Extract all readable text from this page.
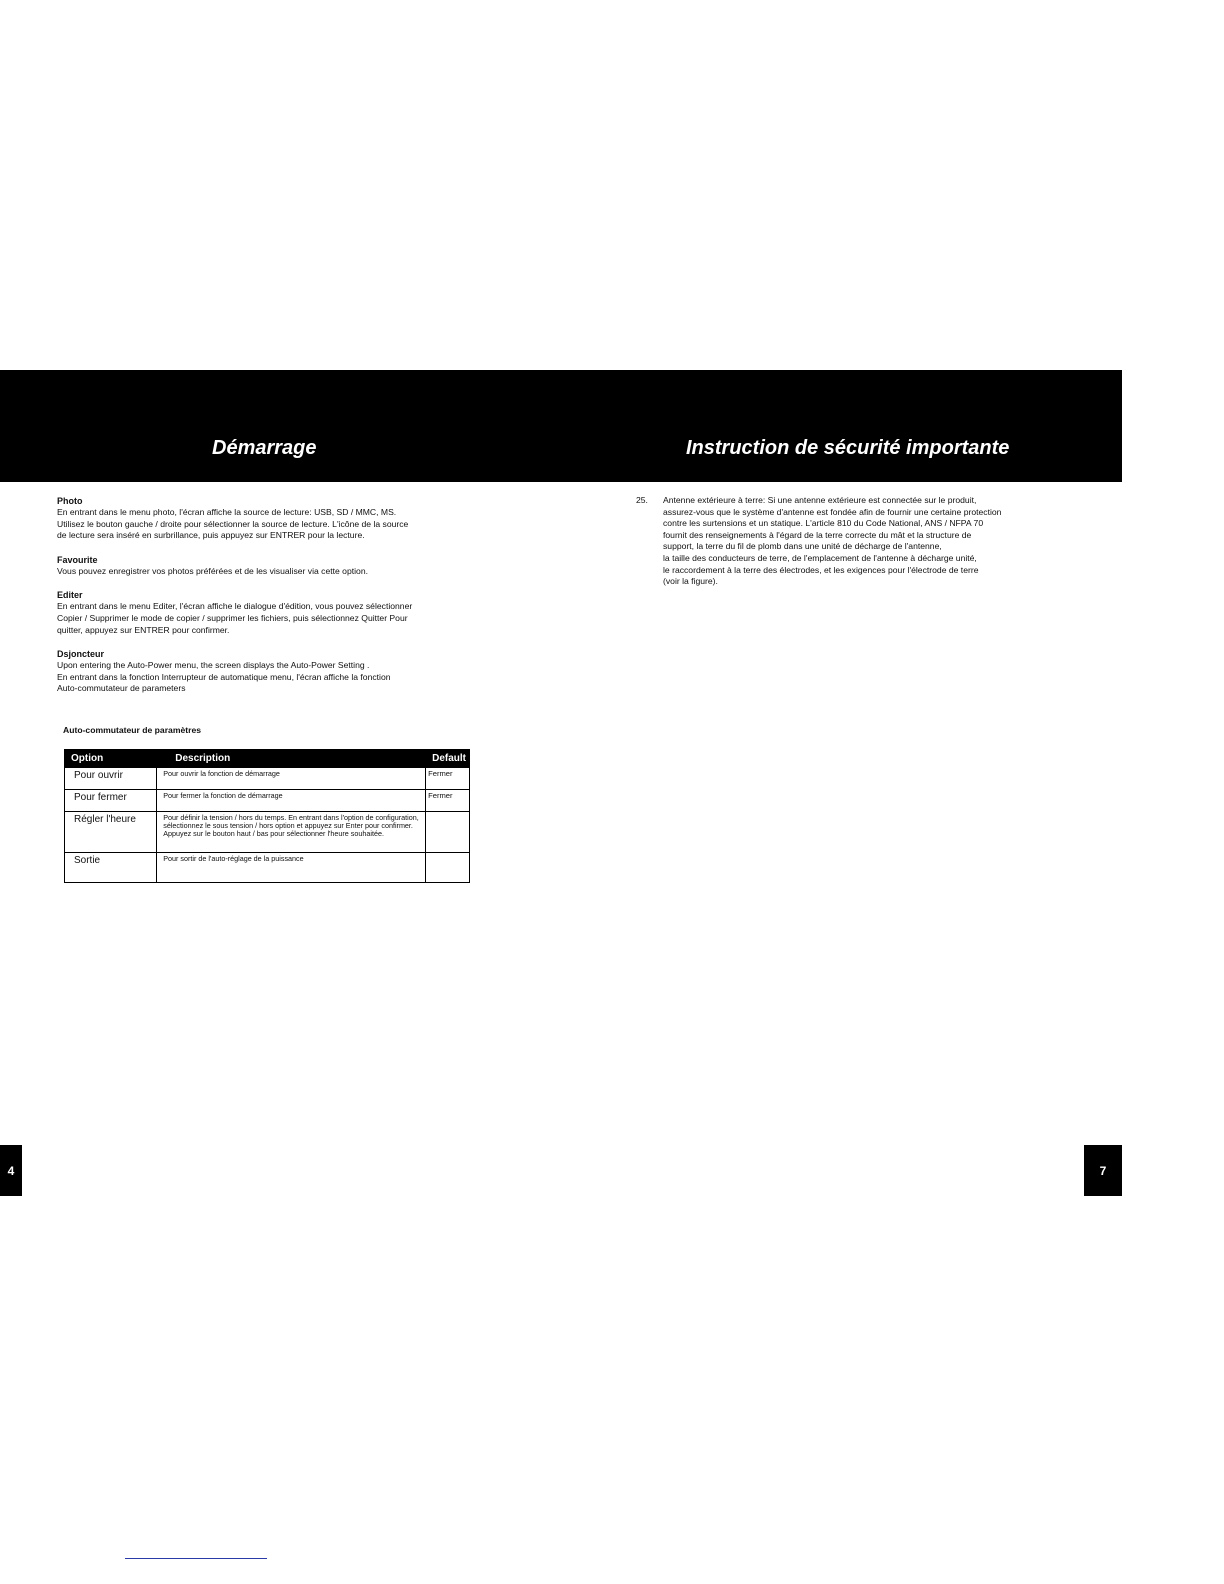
Démarrage	Instruction de sécurité importante
Photo

En entrant dans le menu photo, l'écran affiche la source de lecture: USB, SD / MMC, MS.

Utilisez le bouton gauche / droite pour sélectionner la source de lecture. L'icône de la source

de lecture sera inséré en surbrillance, puis appuyez sur ENTRER pour la lecture.

Favourite

Vous pouvez enregistrer vos photos préférées et de les visualiser via cette option.

Editer

En entrant dans le menu Editer, l'écran affiche le dialogue d'édition, vous pouvez sélectionner

Copier / Supprimer le mode de copier / supprimer les fichiers, puis sélectionnez Quitter Pour

quitter, appuyez sur ENTRER pour confirmer.

Dsjoncteur

Upon entering the Auto-Power menu, the screen displays the Auto-Power Setting .

En entrant dans la fonction Interrupteur de automatique menu, l'écran affiche la fonction

Auto-commutateur de parameters

Auto-commutateur de paramètres
Option	Description	Default
Pour ouvrir	Pour ouvrir la fonction de démarrage	Fermer
Pour fermer	Pour fermer la fonction de démarrage	Fermer
Régler l'heure	Pour définir la tension / hors du temps. En entrant dans l'option de configuration, sélectionnez le sous tension / hors option et appuyez sur Enter pour confirmer. Appuyez sur le bouton haut / bas pour sélectionner l'heure souhaitée.	
Sortie	Pour sortir de l'auto-réglage de la puissance	
25. Antenne extérieure à terre: Si une antenne extérieure est connectée sur le produit,
assurez-vous que le système d'antenne est fondée afin de fournir une certaine protection
contre les surtensions et un statique. L'article 810 du Code National, ANS / NFPA 70
fournit des renseignements à l'égard de la terre correcte du mât et la structure de
support, la terre du fil de plomb dans une unité de décharge de l'antenne,
la taille des conducteurs de terre, de l'emplacement de l'antenne à décharge unité,
le raccordement à la terre des électrodes, et les exigences pour l'électrode de terre
(voir la figure).
4	7
